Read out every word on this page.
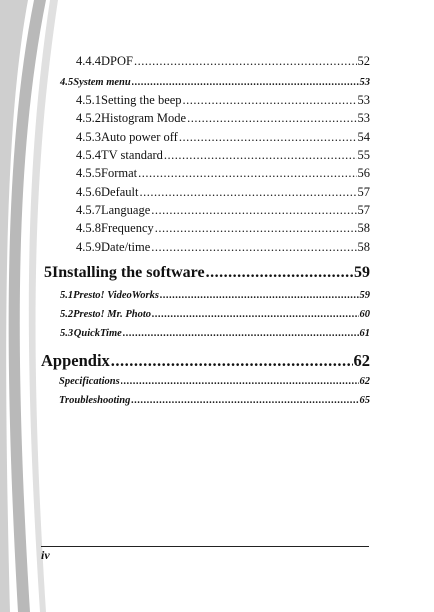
4.4.4 DPOF .....	52
4.5 System menu .....	53
4.5.1 Setting the beep .....	53
4.5.2 Histogram Mode .....	53
4.5.3 Auto power off .....	54
4.5.4 TV standard .....	55
4.5.5 Format .....	56
4.5.6 Default .....	57
4.5.7 Language .....	57
4.5.8 Frequency .....	58
4.5.9 Date/time .....	58
5 Installing the software .....	59
5.1 Presto! VideoWorks .....	59
5.2 Presto! Mr. Photo .....	60
5.3 QuickTime .....	61
Appendix .....	62
Specifications .....	62
Troubleshooting .....	65
iv
